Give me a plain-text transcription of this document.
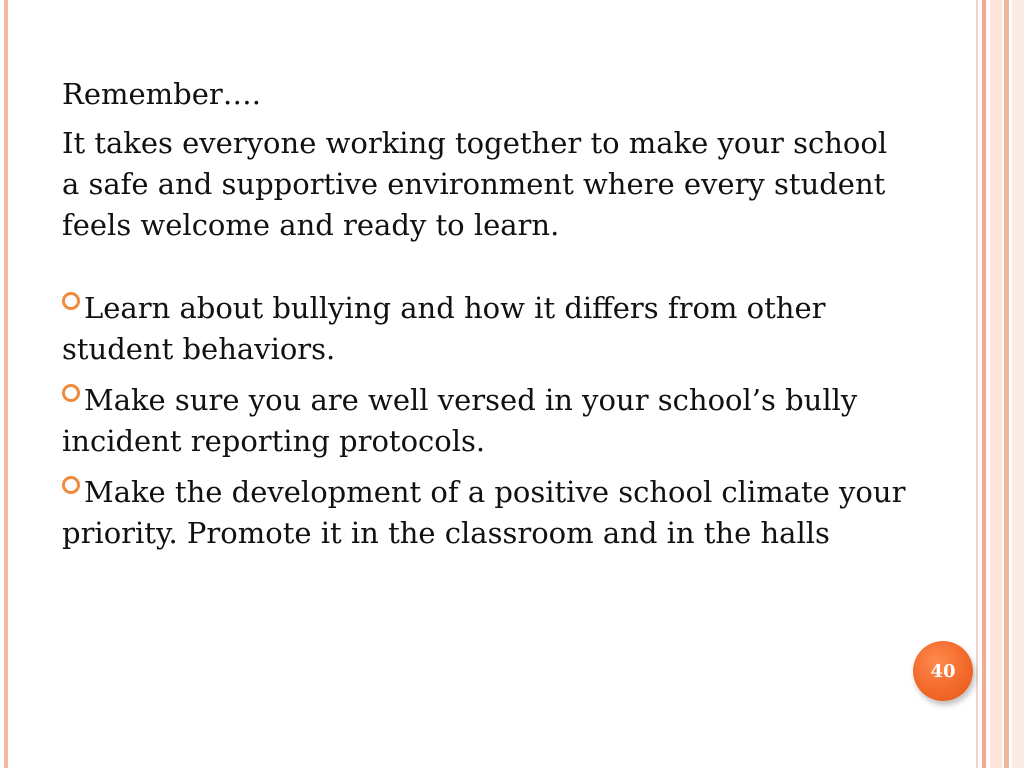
Remember….

It takes everyone working together to make your school a safe and supportive environment where every student feels welcome and ready to learn.

Learn about bullying and how it differs from other student behaviors.

Make sure you are well versed in your school’s bully incident reporting protocols.

Make the development of a positive school climate your priority. Promote it in the classroom and in the halls

40
